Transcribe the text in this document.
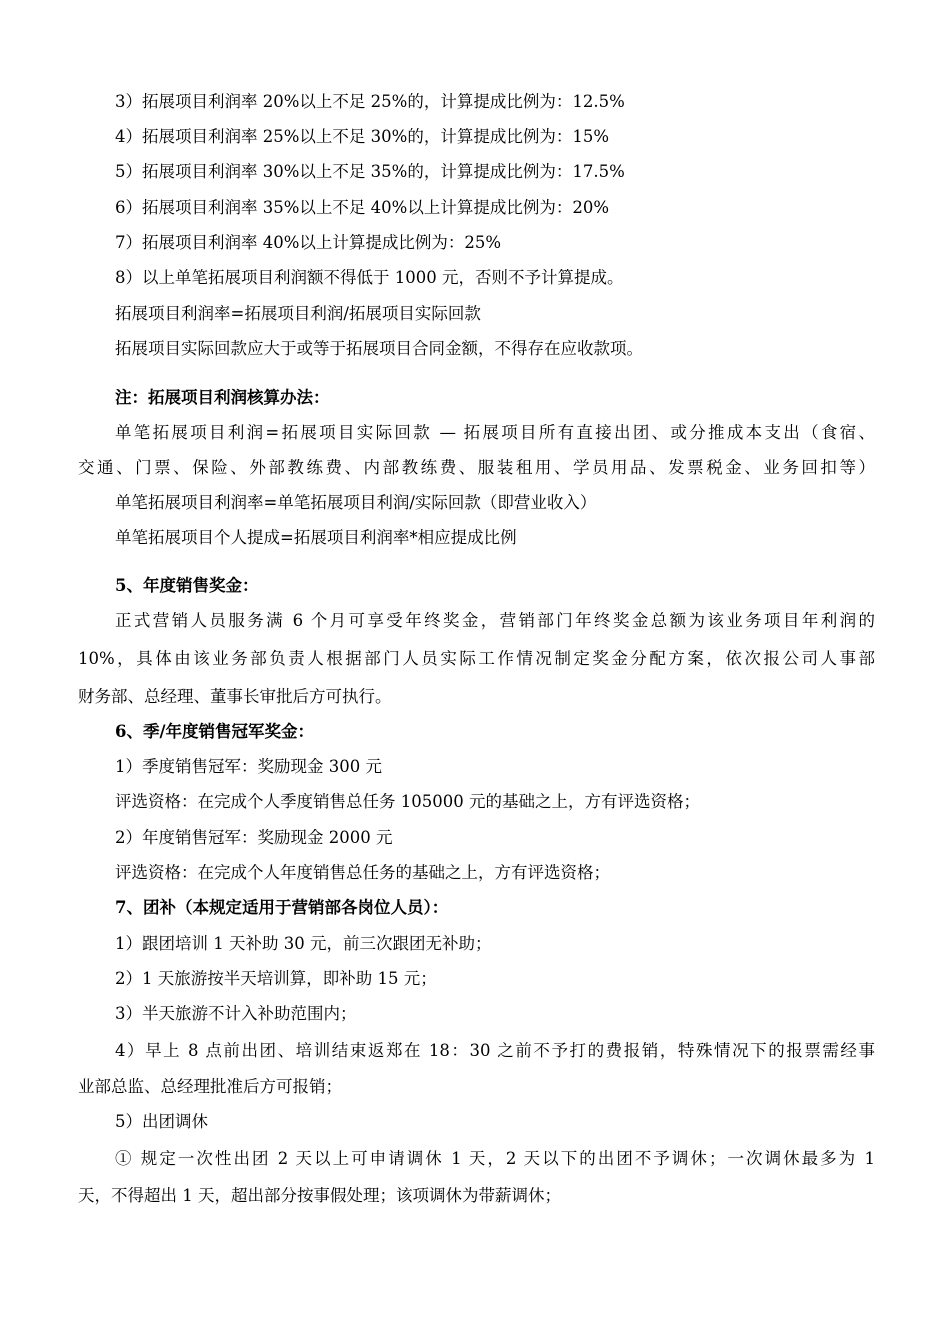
3）拓展项目利润率 20%以上不足 25%的，计算提成比例为：12.5%
4）拓展项目利润率 25%以上不足 30%的，计算提成比例为：15%
5）拓展项目利润率 30%以上不足 35%的，计算提成比例为：17.5%
6）拓展项目利润率 35%以上不足 40%以上计算提成比例为：20%
7）拓展项目利润率 40%以上计算提成比例为：25%
8）以上单笔拓展项目利润额不得低于 1000 元，否则不予计算提成。
拓展项目利润率=拓展项目利润/拓展项目实际回款
拓展项目实际回款应大于或等于拓展项目合同金额，不得存在应收款项。
注：拓展项目利润核算办法：
单笔拓展项目利润=拓展项目实际回款 — 拓展项目所有直接出团、或分推成本支出（食宿、
交通、门票、保险、外部教练费、内部教练费、服装租用、学员用品、发票税金、业务回扣等）
单笔拓展项目利润率=单笔拓展项目利润/实际回款（即营业收入）
单笔拓展项目个人提成=拓展项目利润率*相应提成比例
5、年度销售奖金：
正式营销人员服务满 6 个月可享受年终奖金，营销部门年终奖金总额为该业务项目年利润的
10%，具体由该业务部负责人根据部门人员实际工作情况制定奖金分配方案，依次报公司人事部
财务部、总经理、董事长审批后方可执行。
6、季/年度销售冠军奖金：
1）季度销售冠军：奖励现金 300 元
评选资格：在完成个人季度销售总任务 105000 元的基础之上，方有评选资格；
2）年度销售冠军：奖励现金 2000 元
评选资格：在完成个人年度销售总任务的基础之上，方有评选资格；
7、团补（本规定适用于营销部各岗位人员）：
1）跟团培训 1 天补助 30 元，前三次跟团无补助；
2）1 天旅游按半天培训算，即补助 15 元；
3）半天旅游不计入补助范围内；
4）早上 8 点前出团、培训结束返郑在 18：30 之前不予打的费报销，特殊情况下的报票需经事
业部总监、总经理批准后方可报销；
5）出团调休
① 规定一次性出团 2 天以上可申请调休 1 天，2 天以下的出团不予调休；一次调休最多为 1
天，不得超出 1 天，超出部分按事假处理；该项调休为带薪调休；
